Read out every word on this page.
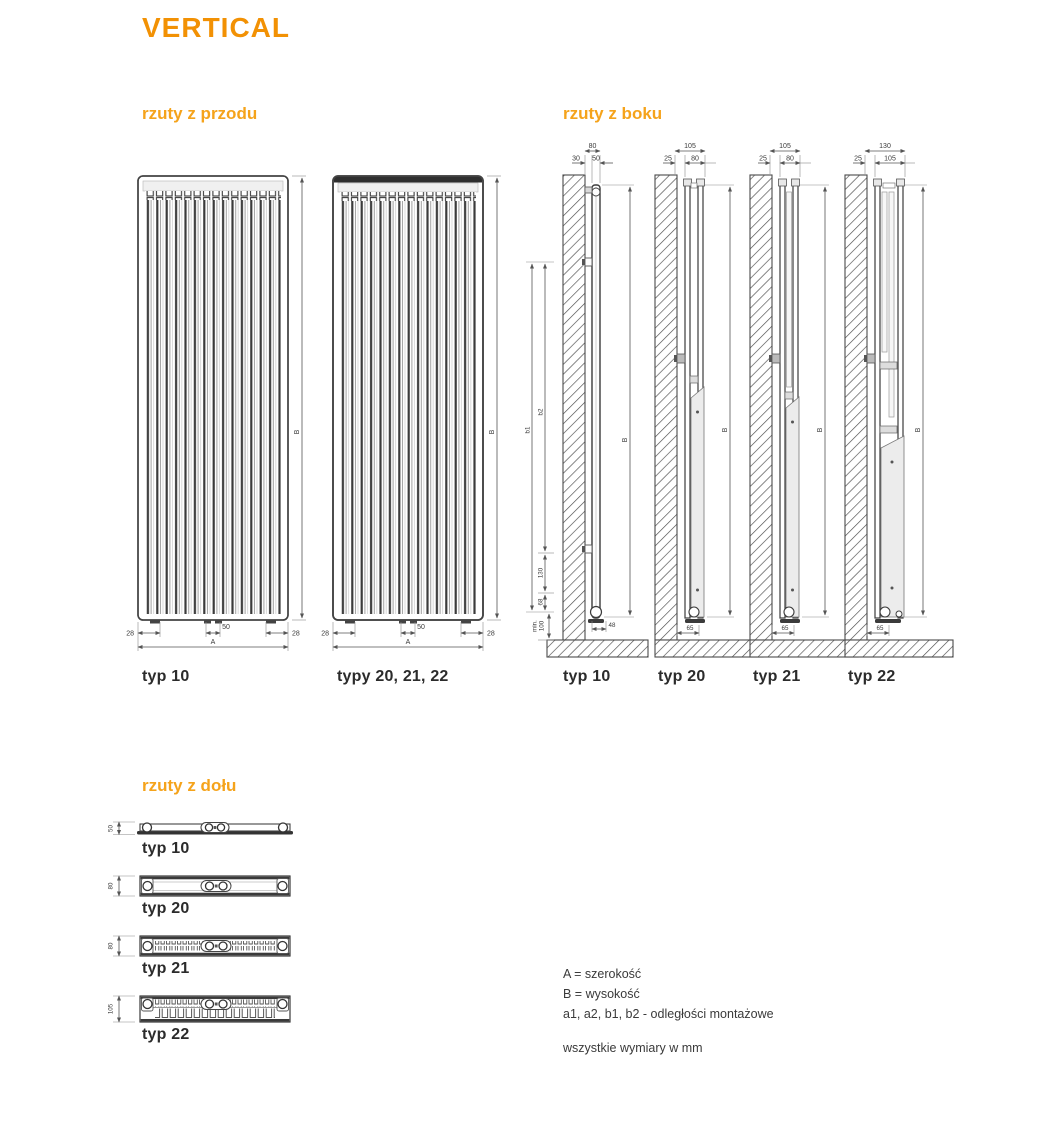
VERTICAL
rzuty z przodu	rzuty z boku
rzuty z dołu
B
28
50
28
A
typ 10
B
28
50
28
A
typy 20, 21, 22
80
30 50
B
b1
b2
130
68
min. 100	48
typ 10
105
25	80
B
65
typ 20
105
25	80
B
65
typ 21
130
25	105
B
65
typ 22
50
typ 10
80
typ 20
80
typ 21
105
typ 22
A = szerokość
B = wysokość
a1, a2, b1, b2 - odległości montażowe
wszystkie wymiary w mm
